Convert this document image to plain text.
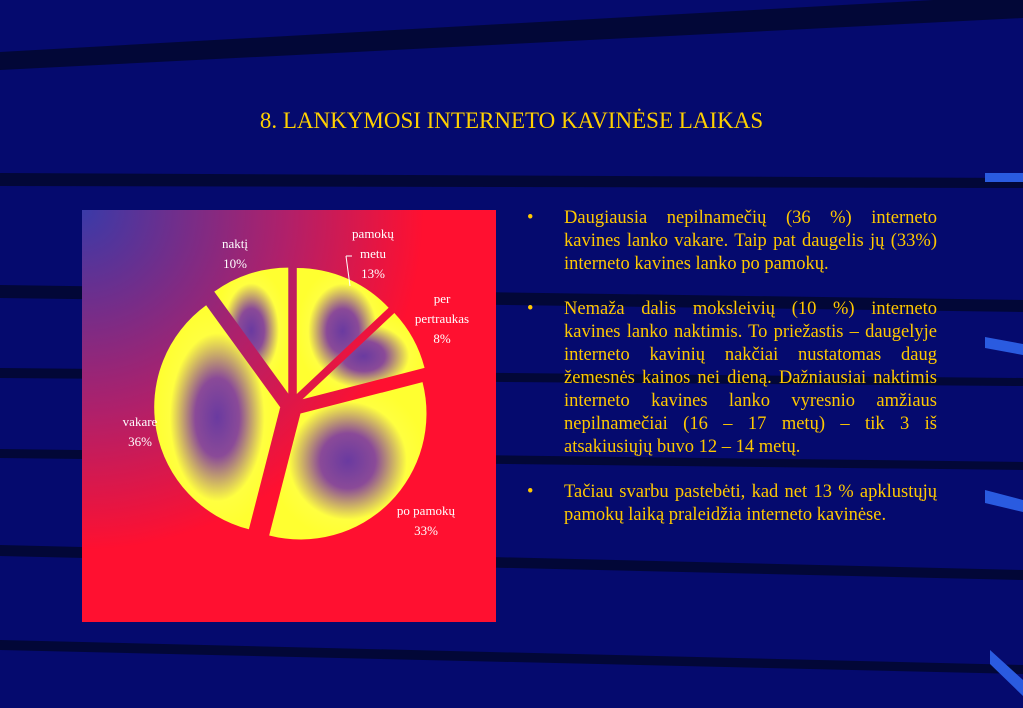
8. LANKYMOSI INTERNETO KAVINĖSE LAIKAS
pamokų
metu
13%
per
pertraukas
8%
po pamokų
33%
vakare
36%
naktį
10%
• Daugiausia nepilnamečių (36 %) interneto kavines lanko vakare. Taip pat daugelis jų (33%) interneto kavines lanko po pamokų.
• Nemaža dalis moksleivių (10 %) interneto kavines lanko naktimis. To priežastis – daugelyje interneto kavinių nakčiai nustatomas daug žemesnės kainos nei dieną. Dažniausiai naktimis interneto kavines lanko vyresnio amžiaus nepilnamečiai (16 – 17 metų) – tik 3 iš atsakiusiųjų buvo 12 – 14 metų.
• Tačiau svarbu pastebėti, kad net 13 % apklustųjų pamokų laiką praleidžia interneto kavinėse.
